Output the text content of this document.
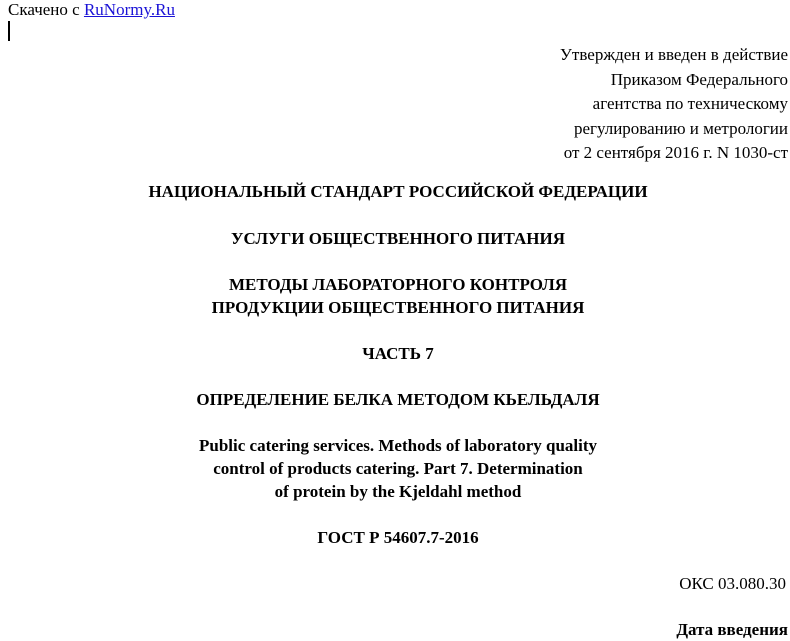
Скачено с RuNormy.Ru
Утвержден и введен в действие
Приказом Федерального
агентства по техническому
регулированию и метрологии
от 2 сентября 2016 г. N 1030-ст
НАЦИОНАЛЬНЫЙ СТАНДАРТ РОССИЙСКОЙ ФЕДЕРАЦИИ
УСЛУГИ ОБЩЕСТВЕННОГО ПИТАНИЯ
МЕТОДЫ ЛАБОРАТОРНОГО КОНТРОЛЯ
ПРОДУКЦИИ ОБЩЕСТВЕННОГО ПИТАНИЯ
ЧАСТЬ 7
ОПРЕДЕЛЕНИЕ БЕЛКА МЕТОДОМ КЬЕЛЬДАЛЯ
Public catering services. Methods of laboratory quality
control of products catering. Part 7. Determination
of protein by the Kjeldahl method
ГОСТ Р 54607.7-2016
ОКС 03.080.30
Дата введения
